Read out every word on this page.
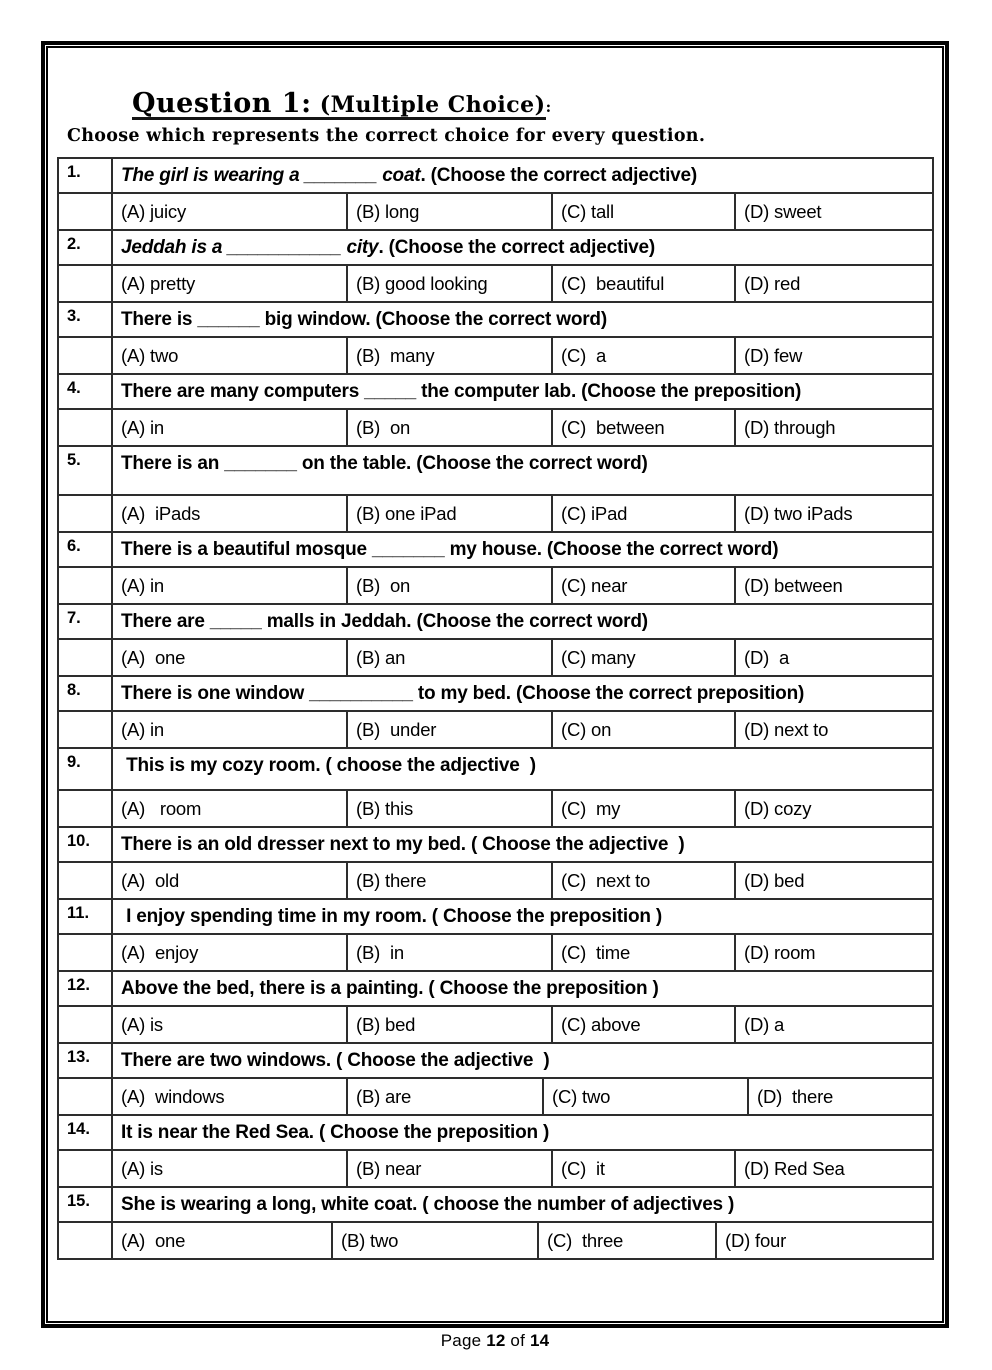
Question 1: (Multiple Choice):
Choose which represents the correct choice for every question.
1.	The girl is wearing a _______ coat. (Choose the correct adjective)
(A) juicy	(B) long	(C) tall	(D) sweet
2.	Jeddah is a ___________ city. (Choose the correct adjective)
(A) pretty	(B) good looking	(C)  beautiful	(D) red
3.	There is ______ big window. (Choose the correct word)
(A) two	(B)  many	(C)  a	(D) few
4.	There are many computers _____ the computer lab. (Choose the preposition)
(A) in	(B)  on	(C)  between	(D) through
5.	There is an _______ on the table. (Choose the correct word)
(A)  iPads	(B) one iPad	(C) iPad	(D) two iPads
6.	There is a beautiful mosque _______ my house. (Choose the correct word)
(A) in	(B)  on	(C) near	(D) between
7.	There are _____ malls in Jeddah. (Choose the correct word)
(A)  one	(B) an	(C) many	(D)  a
8.	There is one window __________ to my bed. (Choose the correct preposition)
(A) in	(B)  under	(C) on	(D) next to
9.	This is my cozy room. ( choose the adjective  )
(A)   room	(B) this	(C)  my	(D) cozy
10.	There is an old dresser next to my bed. ( Choose the adjective  )
(A)  old	(B) there	(C)  next to	(D) bed
11.	I enjoy spending time in my room. ( Choose the preposition )
(A)  enjoy	(B)  in	(C)  time	(D) room
12.	Above the bed, there is a painting. ( Choose the preposition )
(A) is	(B) bed	(C) above	(D) a
13.	There are two windows. ( Choose the adjective  )
(A)  windows	(B) are	(C) two	(D)  there
14.	It is near the Red Sea. ( Choose the preposition )
(A) is	(B) near	(C)  it	(D) Red Sea
15.	She is wearing a long, white coat. ( choose the number of adjectives )
(A)  one	(B) two	(C)  three	(D) four
Page 12 of 14
